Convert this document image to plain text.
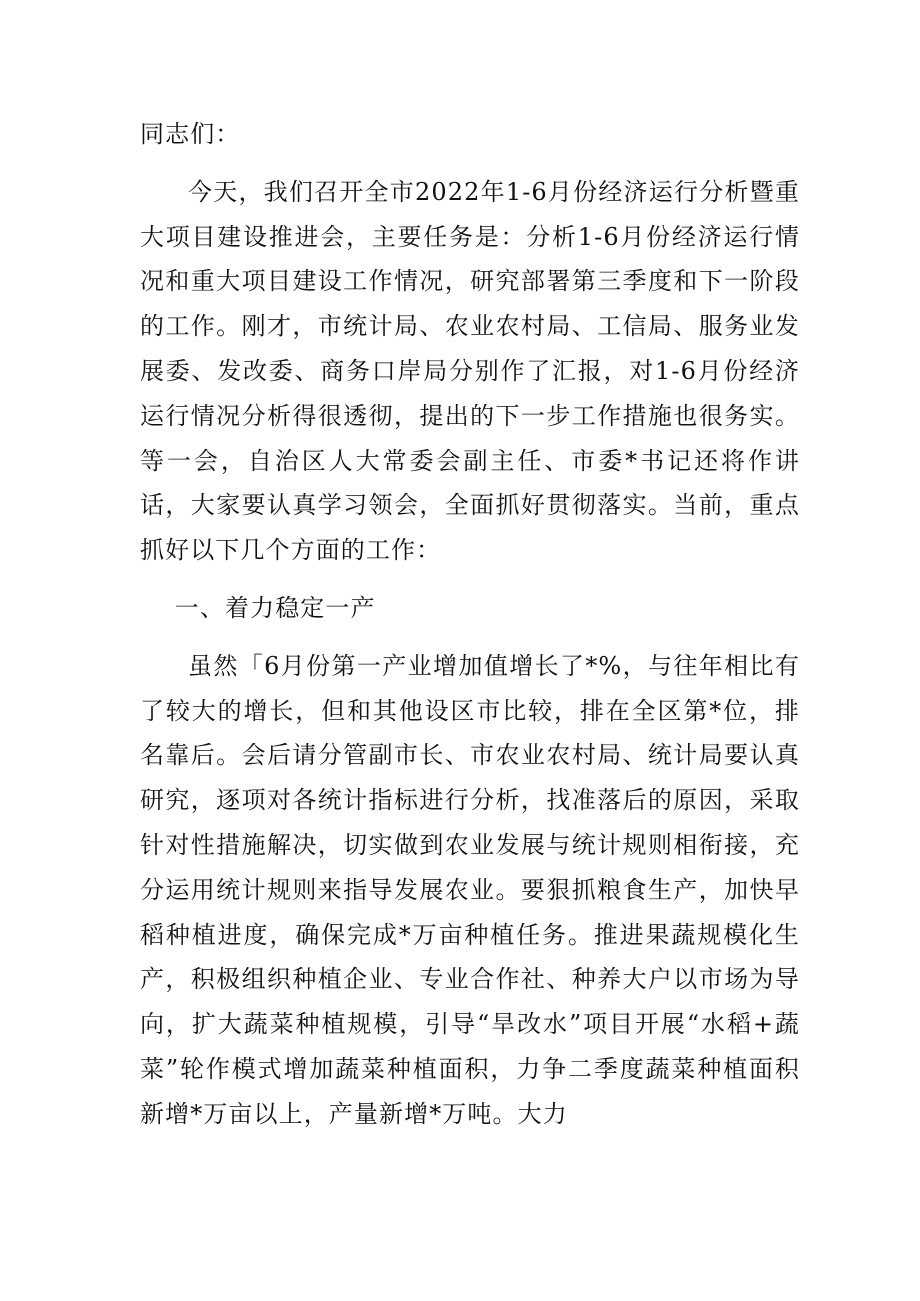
同志们：

今天，我们召开全市2022年1-6月份经济运行分析暨重大项目建设推进会，主要任务是：分析1-6月份经济运行情况和重大项目建设工作情况，研究部署第三季度和下一阶段的工作。刚才，市统计局、农业农村局、工信局、服务业发展委、发改委、商务口岸局分别作了汇报，对1-6月份经济运行情况分析得很透彻，提出的下一步工作措施也很务实。等一会，自治区人大常委会副主任、市委*书记还将作讲话，大家要认真学习领会，全面抓好贯彻落实。当前，重点抓好以下几个方面的工作：

一、着力稳定一产

虽然「6月份第一产业增加值增长了*%，与往年相比有了较大的增长，但和其他设区市比较，排在全区第*位，排名靠后。会后请分管副市长、市农业农村局、统计局要认真研究，逐项对各统计指标进行分析，找准落后的原因，采取针对性措施解决，切实做到农业发展与统计规则相衔接，充分运用统计规则来指导发展农业。要狠抓粮食生产，加快早稻种植进度，确保完成*万亩种植任务。推进果蔬规模化生产，积极组织种植企业、专业合作社、种养大户以市场为导向，扩大蔬菜种植规模，引导“旱改水”项目开展“水稻+蔬菜”轮作模式增加蔬菜种植面积，力争二季度蔬菜种植面积新增*万亩以上，产量新增*万吨。大力
